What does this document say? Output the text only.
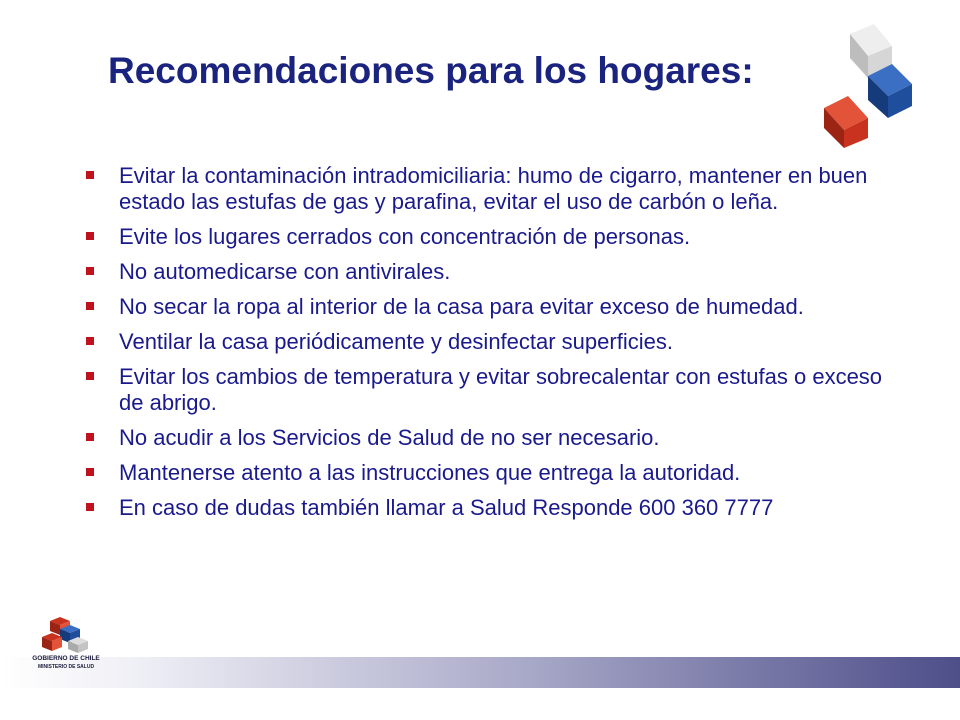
Recomendaciones para los hogares:
Evitar la contaminación intradomiciliaria: humo de cigarro, mantener en buen estado las estufas de gas y parafina, evitar el uso de carbón o leña.
Evite los lugares cerrados con concentración de personas.
No automedicarse con antivirales.
No secar la ropa al interior de la casa para evitar exceso de humedad.
Ventilar la casa periódicamente y desinfectar superficies.
Evitar los cambios de temperatura y evitar sobrecalentar con estufas o exceso de abrigo.
No acudir a los Servicios de Salud de no ser necesario.
Mantenerse atento a las instrucciones que entrega la autoridad.
En caso de dudas también llamar a Salud Responde 600 360 7777
GOBIERNO DE CHILE
MINISTERIO DE SALUD
